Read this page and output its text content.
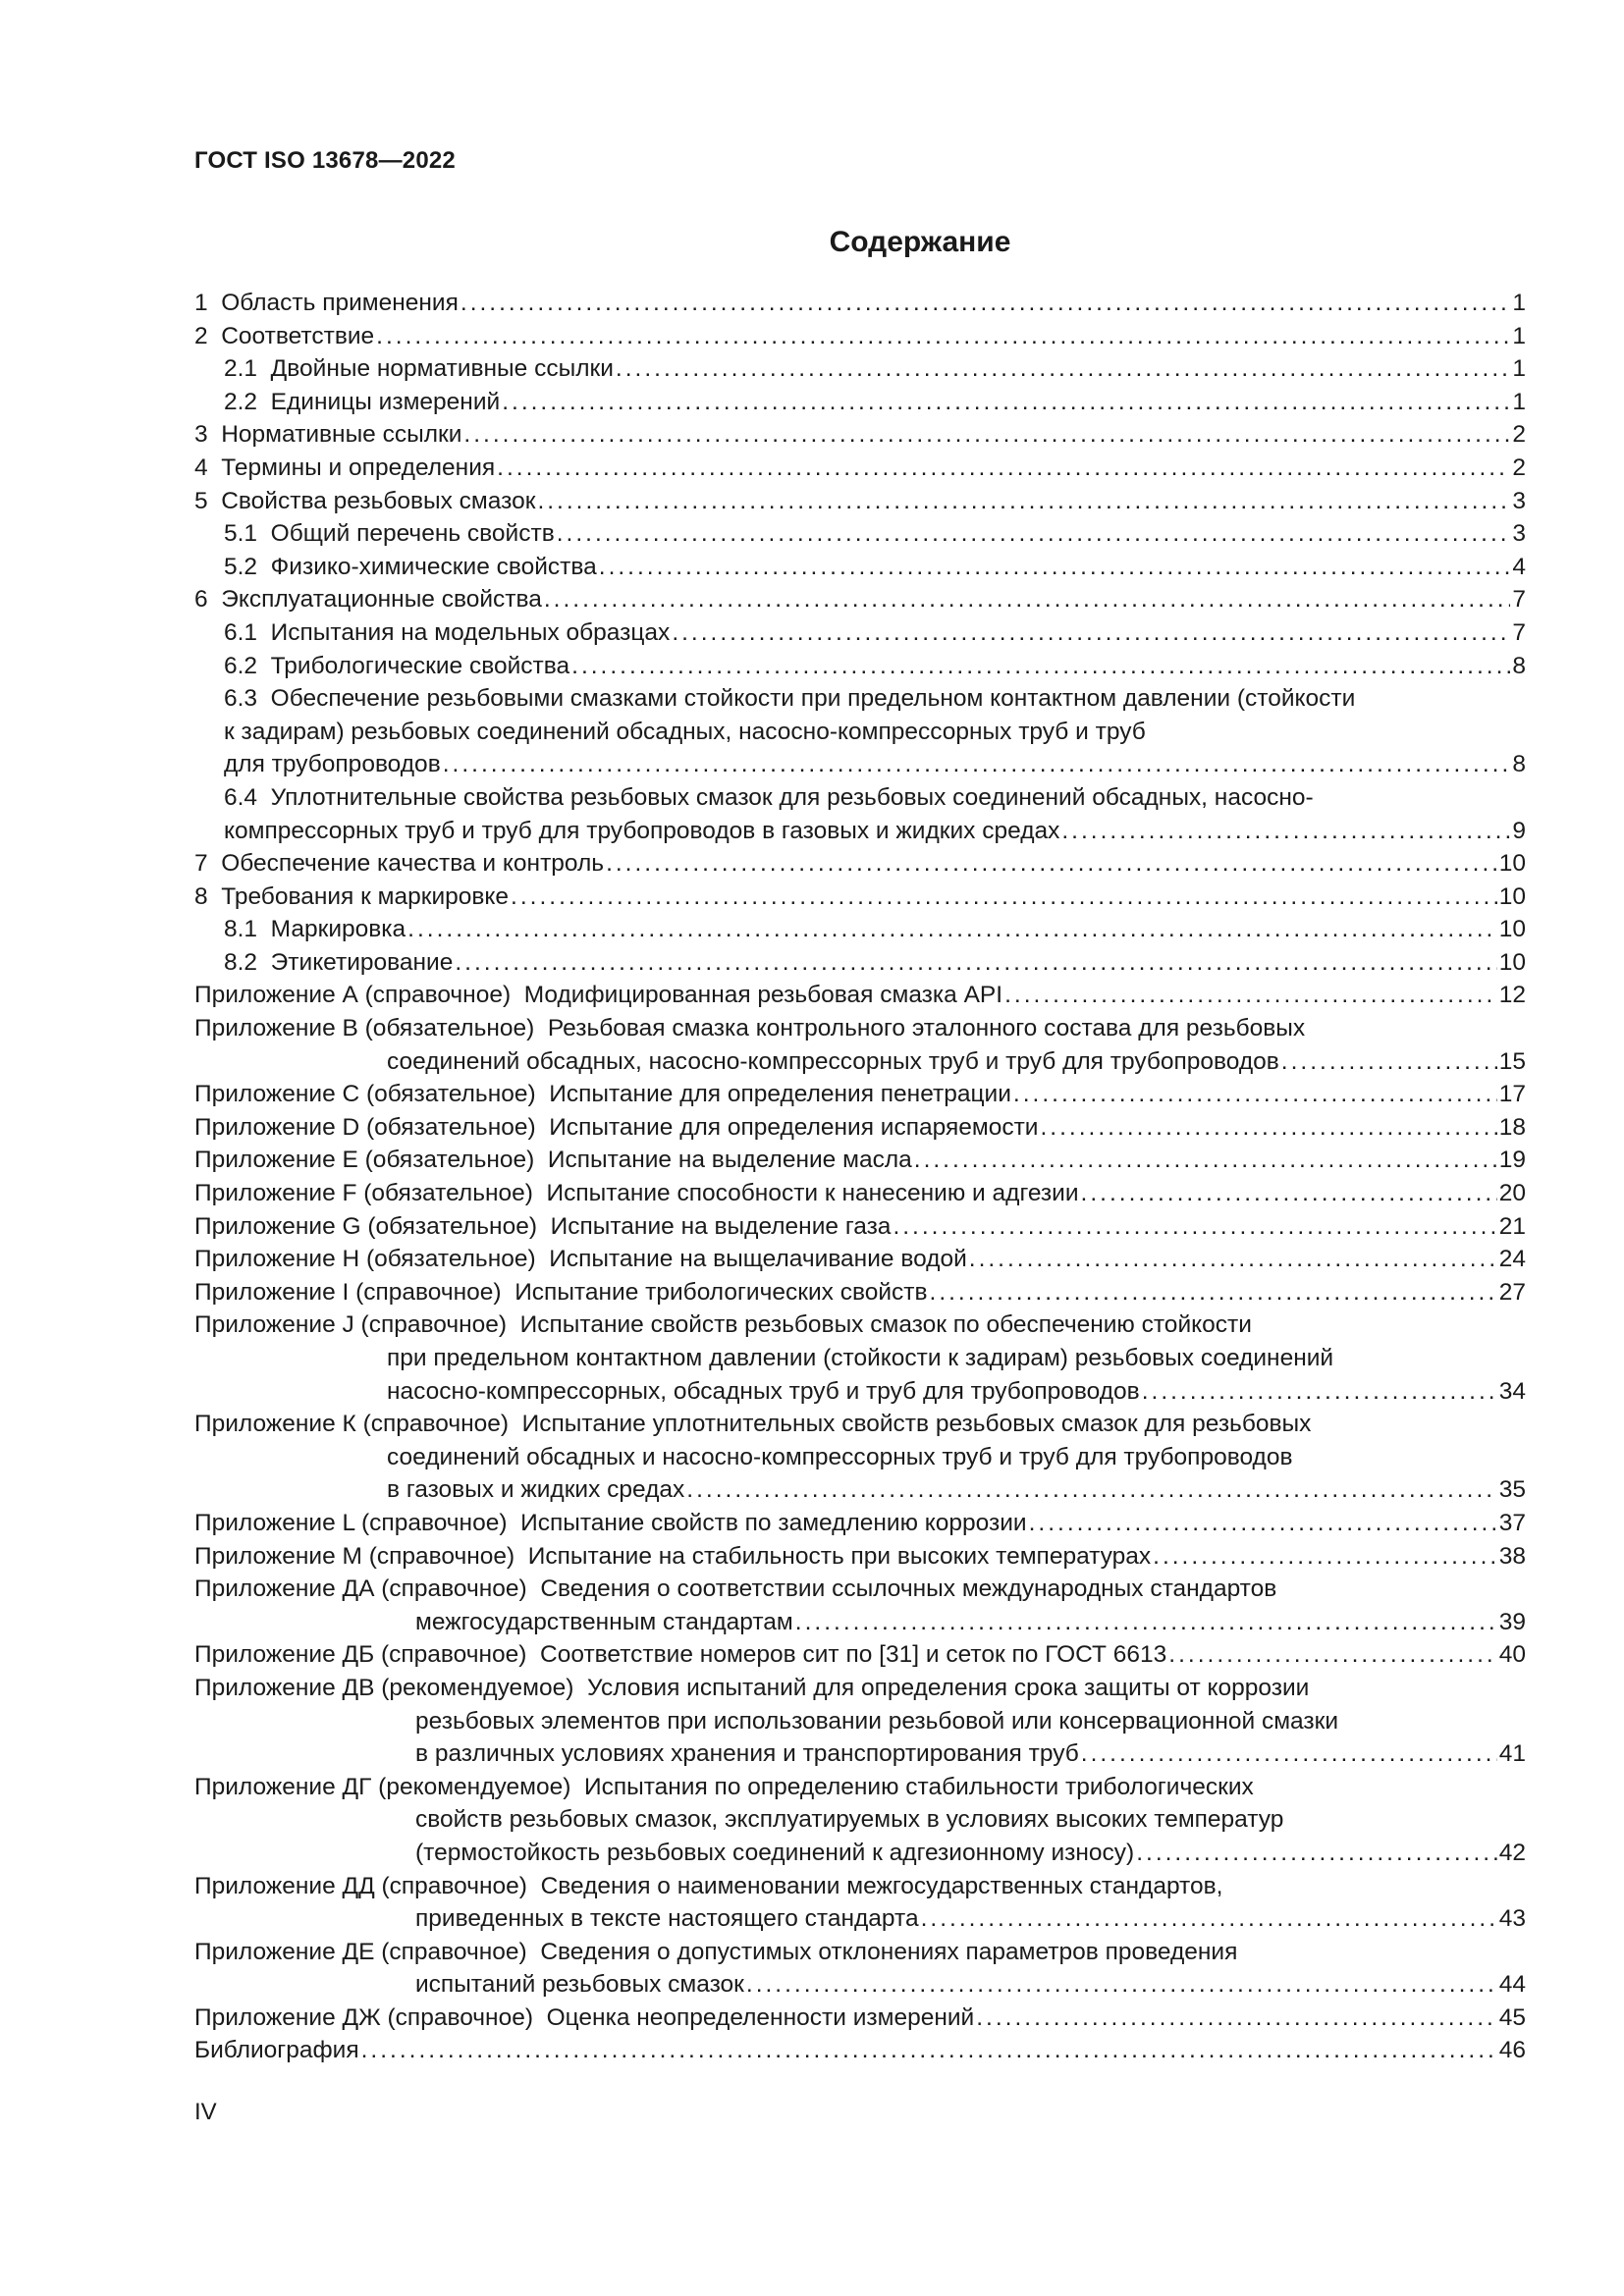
ГОСТ ISO 13678—2022
Содержание
1  Область применения .....	1
2  Соответствие .....	1
2.1  Двойные нормативные ссылки .....	1
2.2  Единицы измерений .....	1
3  Нормативные ссылки .....	2
4  Термины и определения .....	2
5  Свойства резьбовых смазок .....	3
5.1  Общий перечень свойств .....	3
5.2  Физико-химические свойства .....	4
6  Эксплуатационные свойства .....	7
6.1  Испытания на модельных образцах .....	7
6.2  Трибологические свойства .....	8
6.3  Обеспечение резьбовыми смазками стойкости при предельном контактном давлении (стойкости
к задирам) резьбовых соединений обсадных, насосно-компрессорных труб и труб
для трубопроводов .....	8
6.4  Уплотнительные свойства резьбовых смазок для резьбовых соединений обсадных, насосно-
компрессорных труб и труб для трубопроводов в газовых и жидких средах .....	9
7  Обеспечение качества и контроль .....	10
8  Требования к маркировке .....	10
8.1  Маркировка .....	10
8.2  Этикетирование .....	10
Приложение А (справочное)  Модифицированная резьбовая смазка API .....	12
Приложение В (обязательное)  Резьбовая смазка контрольного эталонного состава для резьбовых
соединений обсадных, насосно-компрессорных труб и труб для трубопроводов .....	15
Приложение С (обязательное)  Испытание для определения пенетрации .....	17
Приложение D (обязательное)  Испытание для определения испаряемости .....	18
Приложение Е (обязательное)  Испытание на выделение масла .....	19
Приложение F (обязательное)  Испытание способности к нанесению и адгезии .....	20
Приложение G (обязательное)  Испытание на выделение газа .....	21
Приложение Н (обязательное)  Испытание на выщелачивание водой .....	24
Приложение I (справочное)  Испытание трибологических свойств .....	27
Приложение J (справочное)  Испытание свойств резьбовых смазок по обеспечению стойкости
при предельном контактном давлении (стойкости к задирам) резьбовых соединений
насосно-компрессорных, обсадных труб и труб для трубопроводов .....	34
Приложение К (справочное)  Испытание уплотнительных свойств резьбовых смазок для резьбовых
соединений обсадных и насосно-компрессорных труб и труб для трубопроводов
в газовых и жидких средах .....	35
Приложение L (справочное)  Испытание свойств по замедлению коррозии .....	37
Приложение М (справочное)  Испытание на стабильность при высоких температурах .....	38
Приложение ДА (справочное)  Сведения о соответствии ссылочных международных стандартов
межгосударственным стандартам .....	39
Приложение ДБ (справочное)  Соответствие номеров сит по [31] и сеток по ГОСТ 6613 .....	40
Приложение ДВ (рекомендуемое)  Условия испытаний для определения срока защиты от коррозии
резьбовых элементов при использовании резьбовой или консервационной смазки
в различных условиях хранения и транспортирования труб .....	41
Приложение ДГ (рекомендуемое)  Испытания по определению стабильности трибологических
свойств резьбовых смазок, эксплуатируемых в условиях высоких температур
(термостойкость резьбовых соединений к адгезионному износу) .....	42
Приложение ДД (справочное)  Сведения о наименовании межгосударственных стандартов,
приведенных в тексте настоящего стандарта .....	43
Приложение ДЕ (справочное)  Сведения о допустимых отклонениях параметров проведения
испытаний резьбовых смазок .....	44
Приложение ДЖ (справочное)  Оценка неопределенности измерений .....	45
Библиография .....	46
IV
